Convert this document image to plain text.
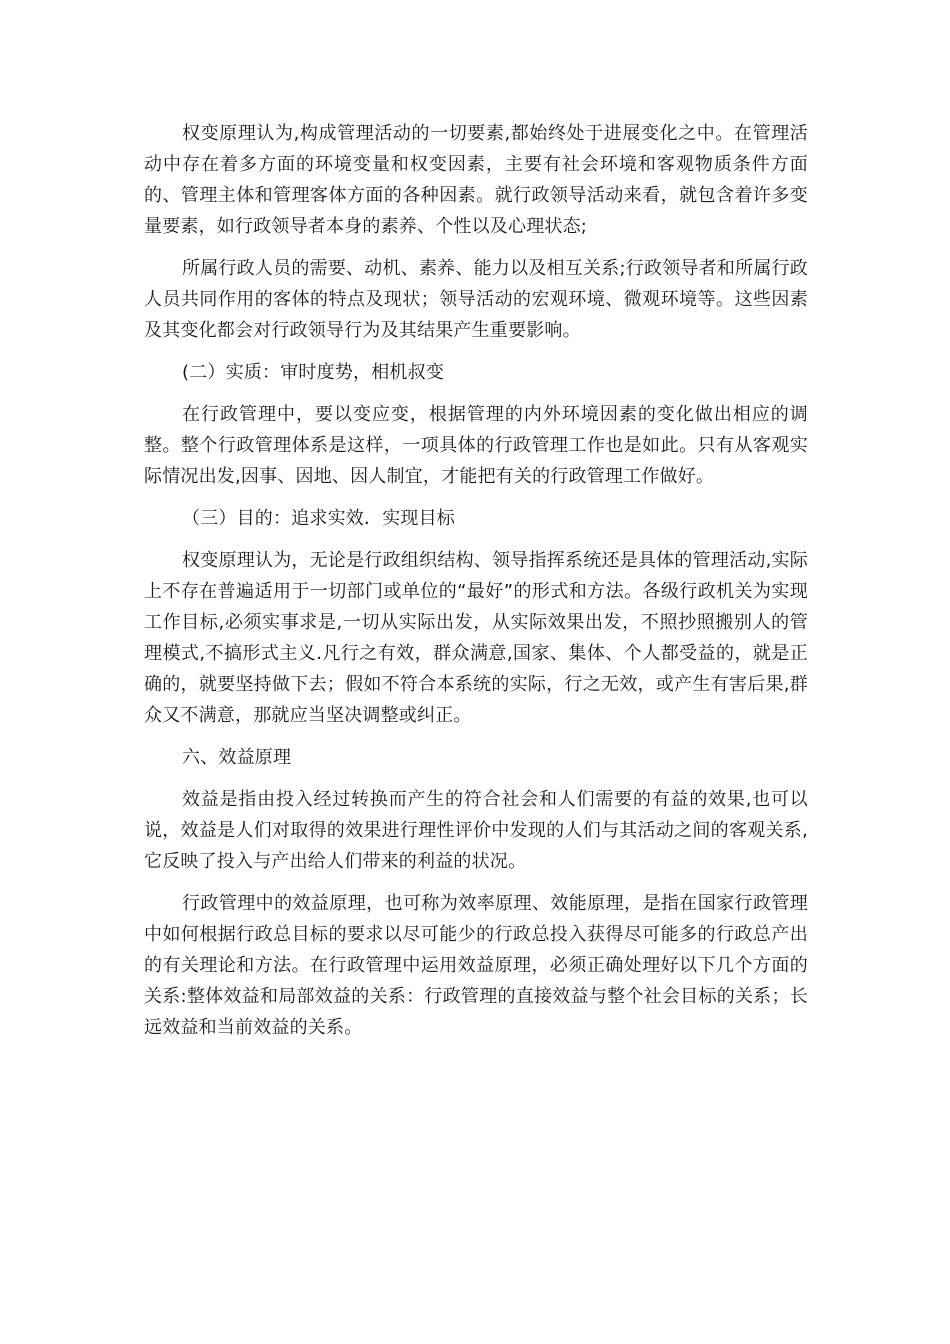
权变原理认为,构成管理活动的一切要素,都始终处于进展变化之中。在管理活动中存在着多方面的环境变量和权变因素，主要有社会环境和客观物质条件方面的、管理主体和管理客体方面的各种因素。就行政领导活动来看，就包含着许多变量要素，如行政领导者本身的素养、个性以及心理状态;

所属行政人员的需要、动机、素养、能力以及相互关系;行政领导者和所属行政人员共同作用的客体的特点及现状；领导活动的宏观环境、微观环境等。这些因素及其变化都会对行政领导行为及其结果产生重要影响。

(二）实质：审时度势，相机叔变

在行政管理中，要以变应变，根据管理的内外环境因素的变化做出相应的调整。整个行政管理体系是这样，一项具体的行政管理工作也是如此。只有从客观实际情况出发,因事、因地、因人制宜，才能把有关的行政管理工作做好。

（三）目的：追求实效．实现目标

权变原理认为，无论是行政组织结构、领导指挥系统还是具体的管理活动,实际上不存在普遍适用于一切部门或单位的“最好”的形式和方法。各级行政机关为实现工作目标,必须实事求是,一切从实际出发，从实际效果出发，不照抄照搬别人的管理模式,不搞形式主义.凡行之有效，群众满意,国家、集体、个人都受益的，就是正确的，就要坚持做下去；假如不符合本系统的实际，行之无效，或产生有害后果,群众又不满意，那就应当坚决调整或纠正。

六、效益原理

效益是指由投入经过转换而产生的符合社会和人们需要的有益的效果,也可以说，效益是人们对取得的效果进行理性评价中发现的人们与其活动之间的客观关系,它反映了投入与产出给人们带来的利益的状况。

行政管理中的效益原理，也可称为效率原理、效能原理，是指在国家行政管理中如何根据行政总目标的要求以尽可能少的行政总投入获得尽可能多的行政总产出的有关理论和方法。在行政管理中运用效益原理，必须正确处理好以下几个方面的关系:整体效益和局部效益的关系：行政管理的直接效益与整个社会目标的关系；长远效益和当前效益的关系。
